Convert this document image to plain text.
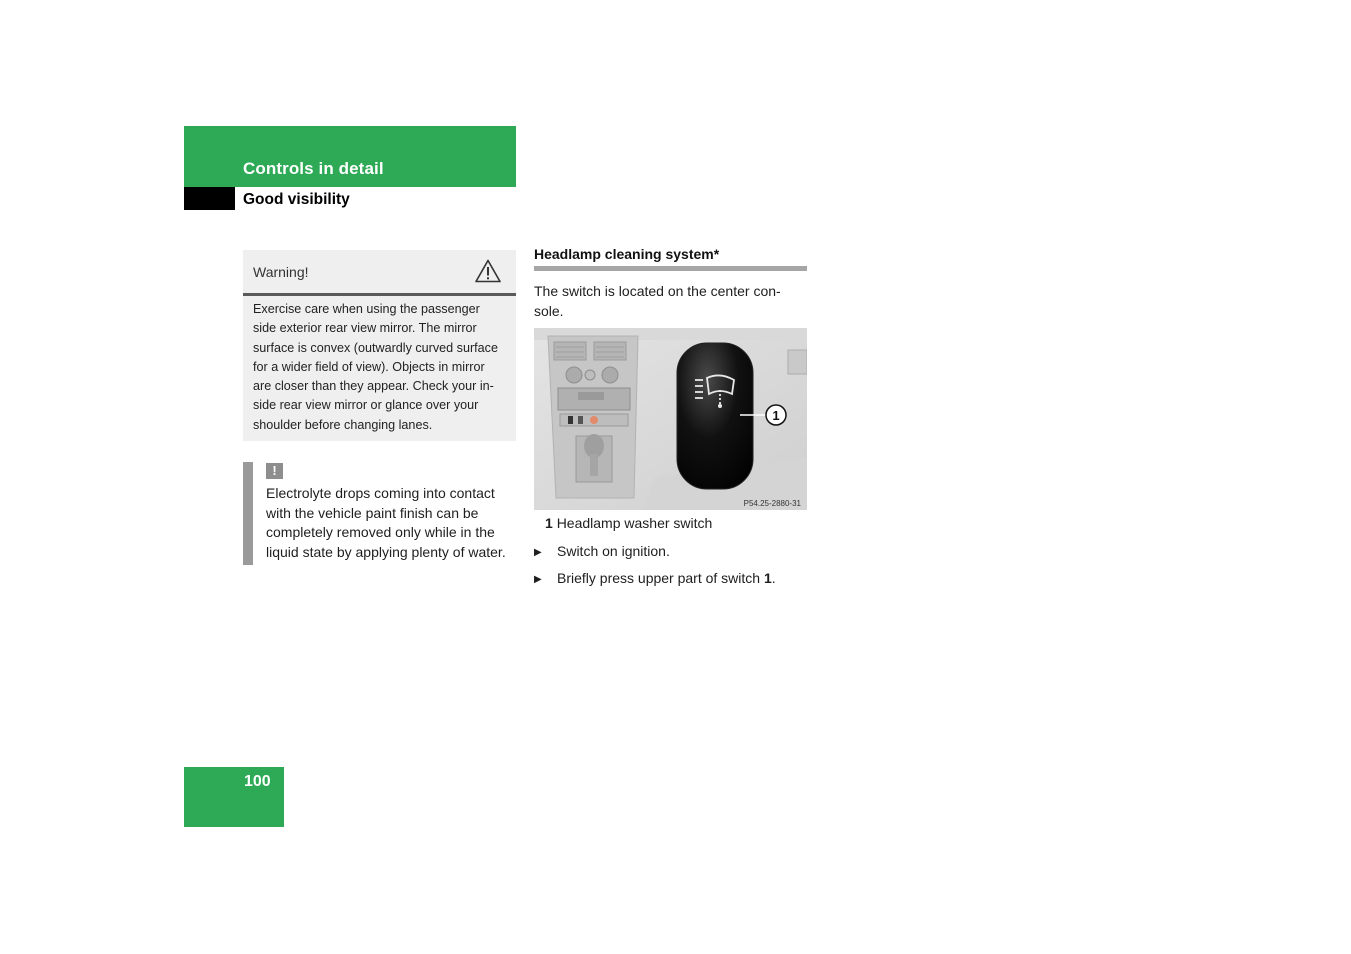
Controls in detail
Good visibility
Warning!
Exercise care when using the passenger
side exterior rear view mirror. The mirror
surface is convex (outwardly curved surface
for a wider field of view). Objects in mirror
are closer than they appear. Check your in-
side rear view mirror or glance over your
shoulder before changing lanes.
!
Electrolyte drops coming into contact
with the vehicle paint finish can be
completely removed only while in the
liquid state by applying plenty of water.
Headlamp cleaning system*
The switch is located on the center con-
sole.
1
P54.25-2880-31
1 Headlamp washer switch
▶ Switch on ignition.
▶ Briefly press upper part of switch 1.
100
